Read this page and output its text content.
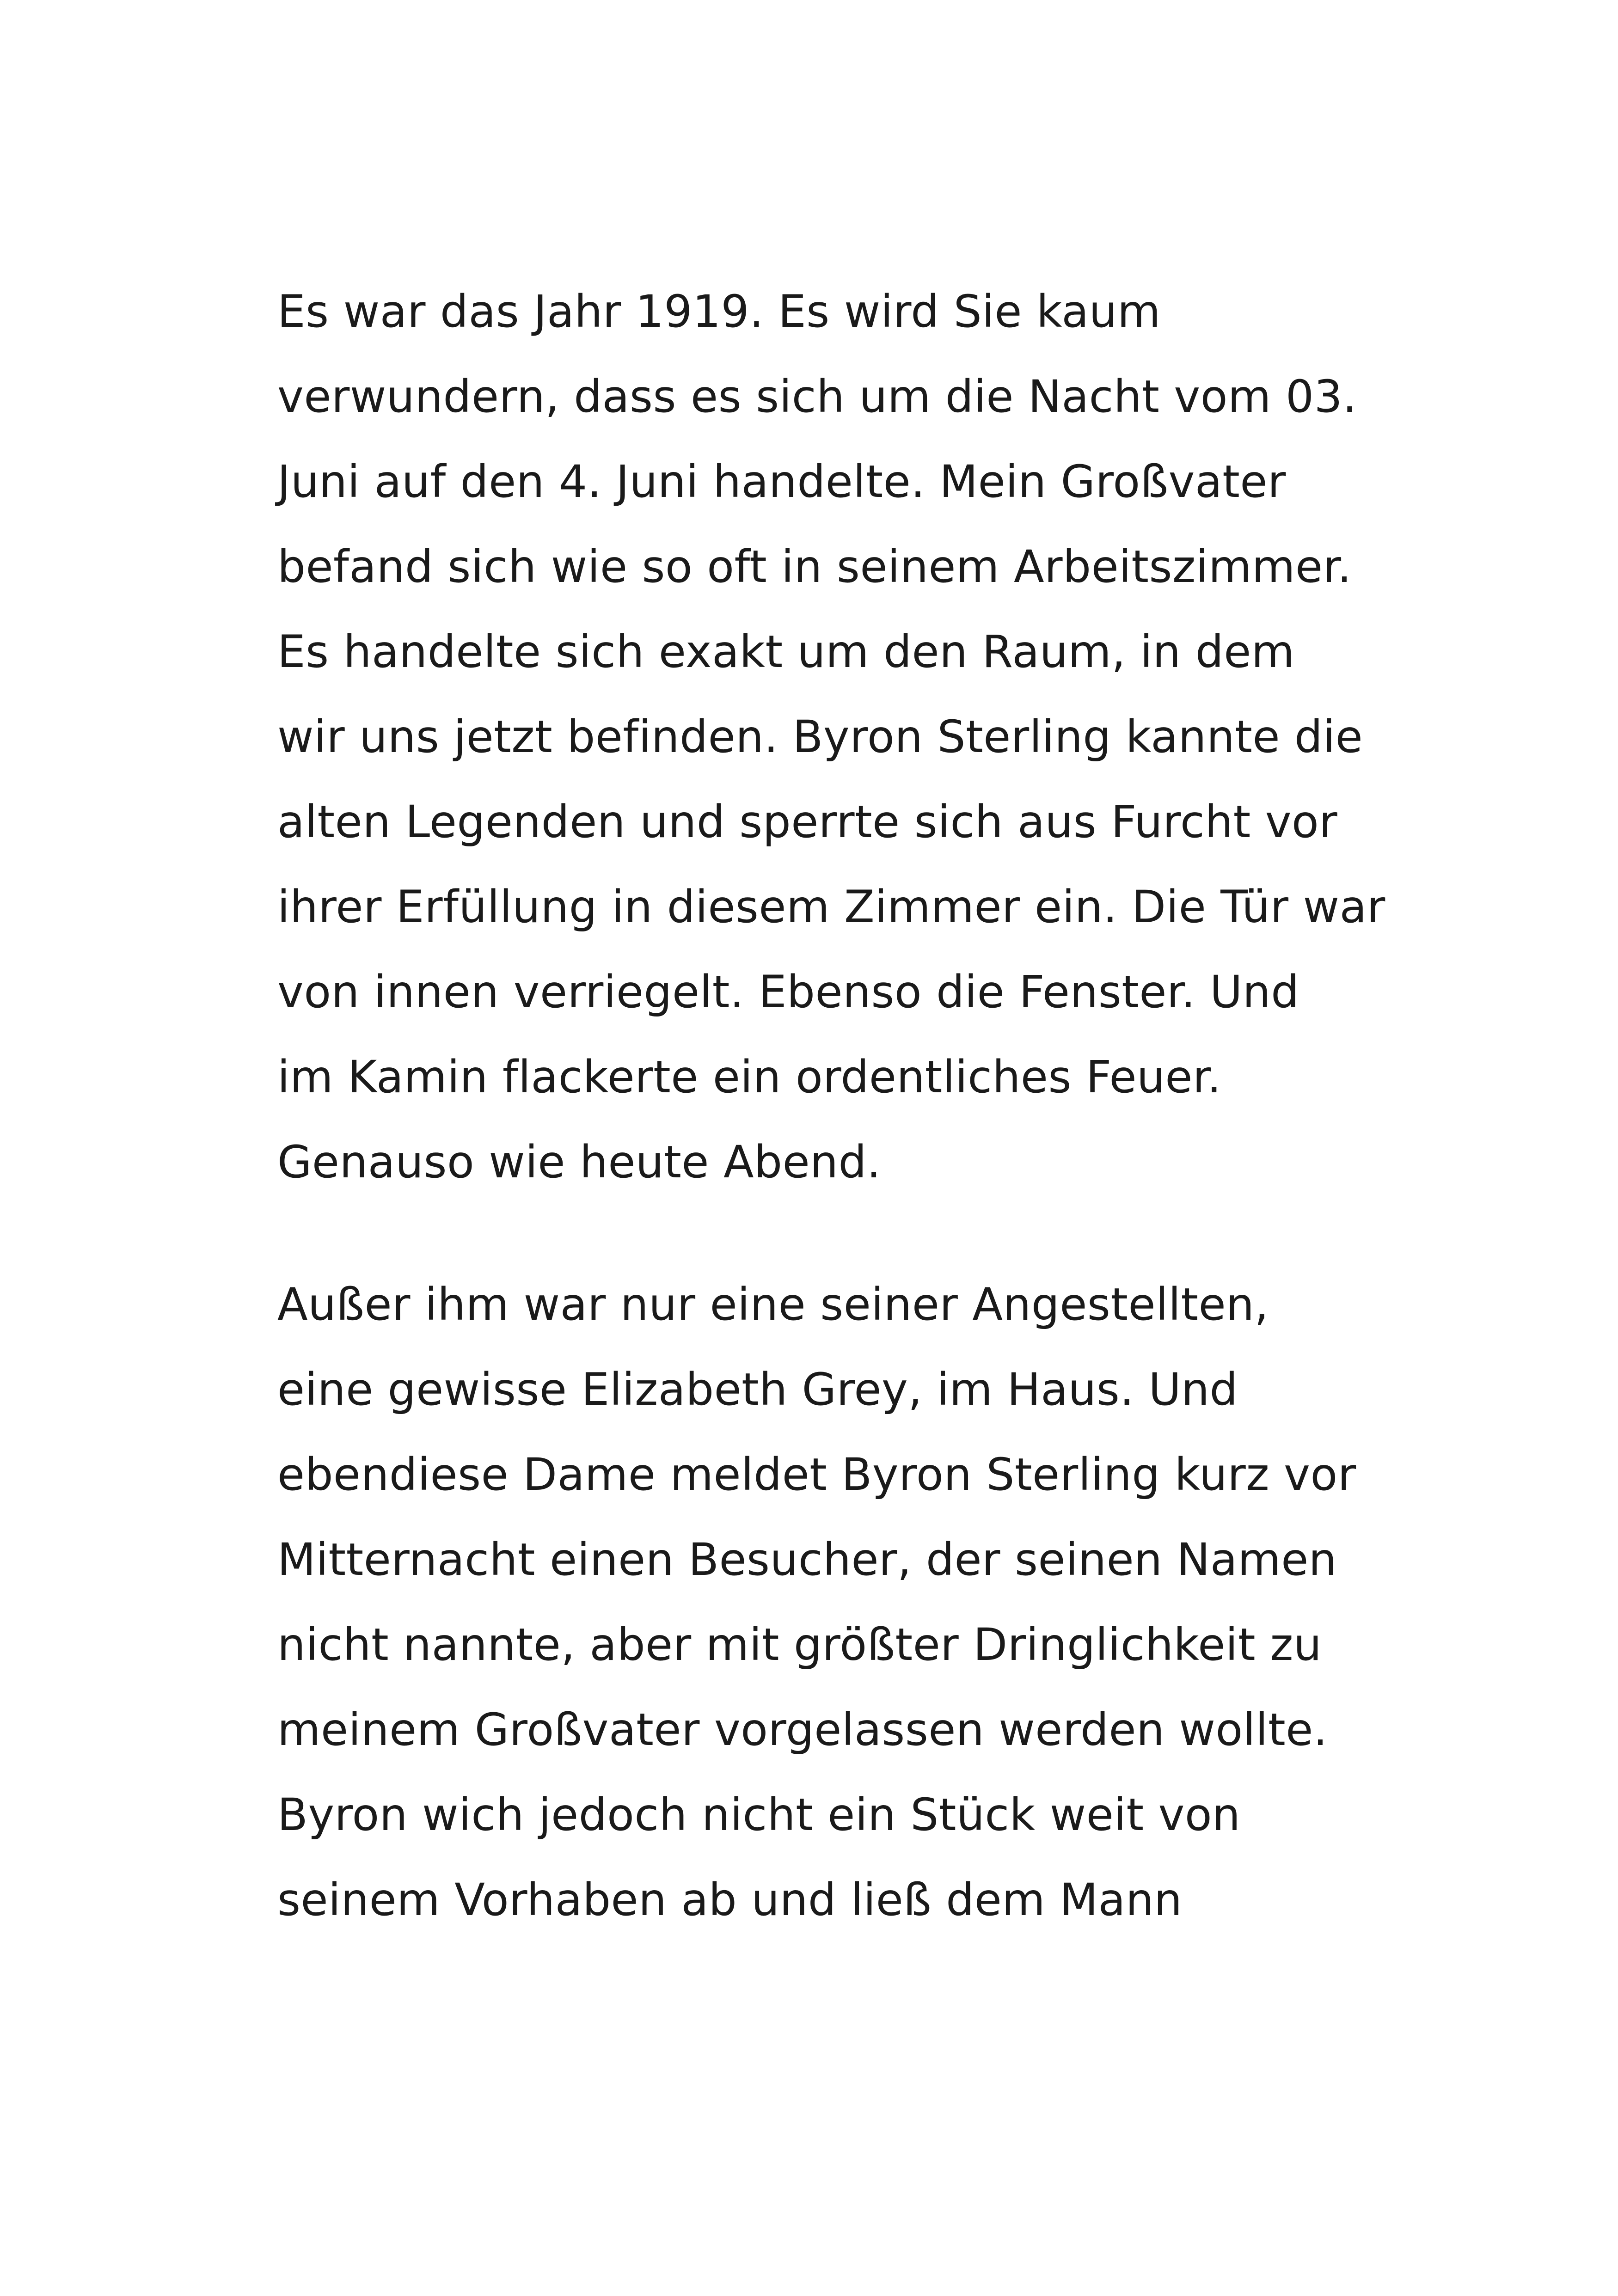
Es war das Jahr 1919. Es wird Sie kaum
verwundern, dass es sich um die Nacht vom 03.
Juni auf den 4. Juni handelte. Mein Großvater
befand sich wie so oft in seinem Arbeitszimmer.
Es handelte sich exakt um den Raum, in dem
wir uns jetzt befinden. Byron Sterling kannte die
alten Legenden und sperrte sich aus Furcht vor
ihrer Erfüllung in diesem Zimmer ein. Die Tür war
von innen verriegelt. Ebenso die Fenster. Und
im Kamin flackerte ein ordentliches Feuer.
Genauso wie heute Abend.
Außer ihm war nur eine seiner Angestellten,
eine gewisse Elizabeth Grey, im Haus. Und
ebendiese Dame meldet Byron Sterling kurz vor
Mitternacht einen Besucher, der seinen Namen
nicht nannte, aber mit größter Dringlichkeit zu
meinem Großvater vorgelassen werden wollte.
Byron wich jedoch nicht ein Stück weit von
seinem Vorhaben ab und ließ dem Mann
